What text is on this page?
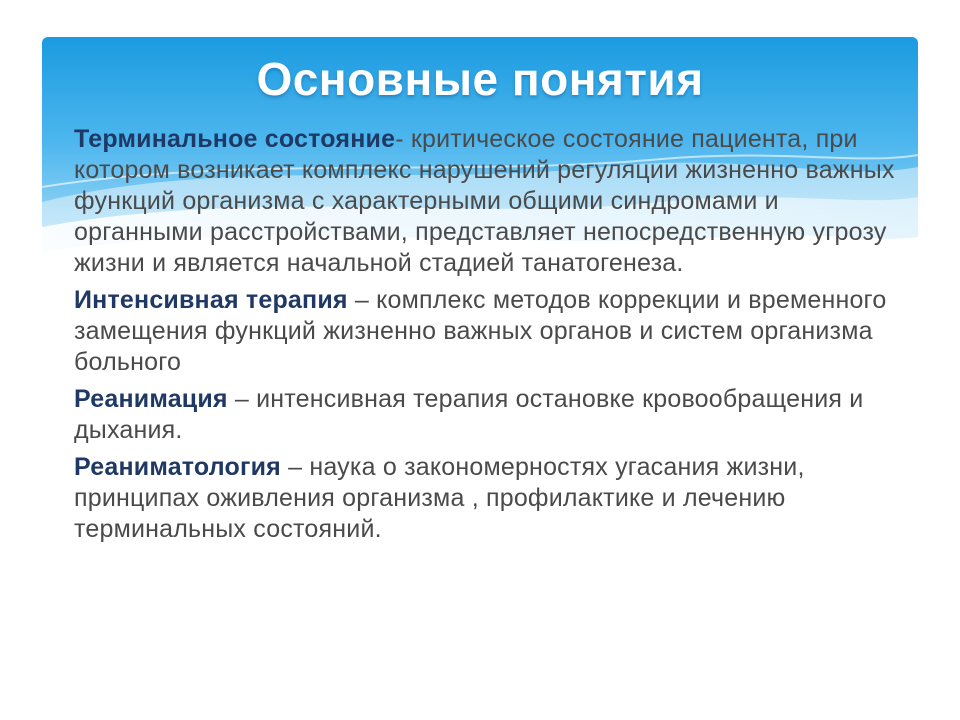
Основные понятия

Терминальное состояние- критическое состояние пациента, при котором возникает комплекс нарушений регуляции жизненно важных функций организма с характерными общими синдромами и органными расстройствами, представляет непосредственную угрозу жизни и является начальной стадией танатогенеза.

Интенсивная терапия – комплекс методов коррекции и временного замещения функций жизненно важных органов и систем организма больного

Реанимация – интенсивная терапия остановке кровообращения и дыхания.

Реаниматология – наука о закономерностях угасания жизни, принципах оживления организма , профилактике и лечению терминальных состояний.
